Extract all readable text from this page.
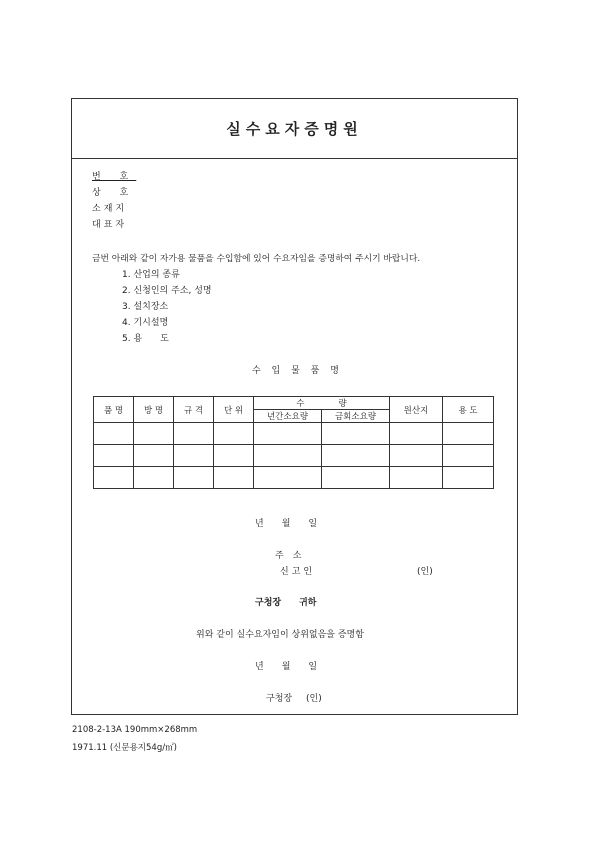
실수요자증명원
번 호
상 호
소재지
대표자
금번 아래와 같이 자가용 물품을 수입함에 있어 수요자임을 증명하여 주시기 바랍니다.
1. 산업의 종류
2. 신청인의 주소, 성명
3. 설치장소
4. 기시설명
5. 용　　도
수 입 물 품 명
품 명	방 명	규 격	단 위	수　　　　량		원산지	용 도
				년간소요량	금회소요량		

년　　월　　일
주　소
신고인	(인)
구청장　　귀하
위와 같이 실수요자임이 상위없음을 증명함
년　　월　　일
구청장 (인)
2108-2-13A 190mm×268mm
1971.11 (신문용지54g/㎡)
